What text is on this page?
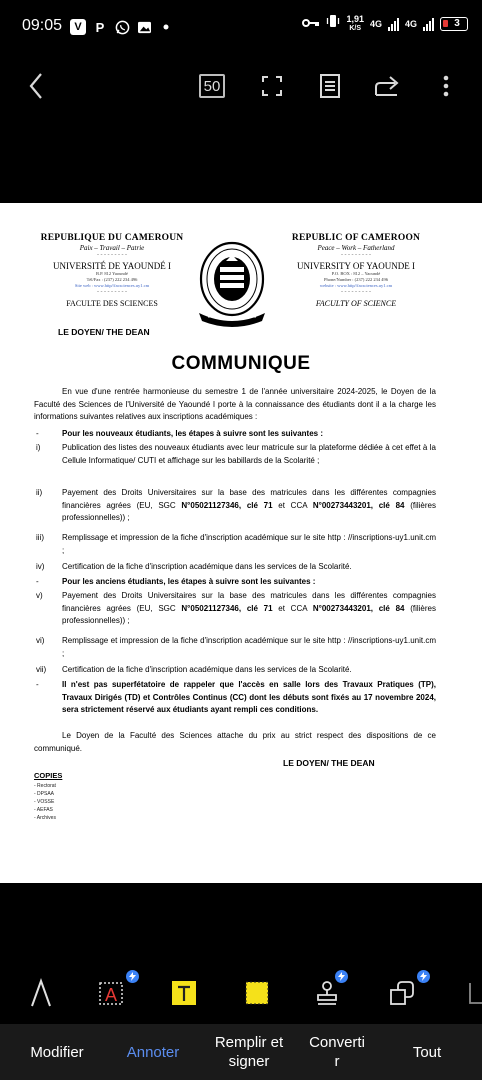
09:05	V	P
1,91
K/S 4G	4G	3
50
REPUBLIQUE DU CAMEROUN
Paix – Travail – Patrie
- - - - - - - - -
UNIVERSITÉ DE YAOUNDÉ I
B.P. 812 Yaoundé
Tél/Fax : (237) 222 234 496
Site web : www.http//facsciences.uy1.cm
- - - - - - - - -
FACULTE DES SCIENCES
REPUBLIC OF CAMEROON
Peace – Work – Fatherland
- - - - - - - - -
UNIVERSITY OF YAOUNDE I
P.O. BOX : 812 – Yaoundé
Phone/Number : (237) 222 234 496
website : www.http//facsciences.uy1.cm
- - - - - - - - -
FACULTY OF SCIENCE
LE DOYEN/ THE DEAN
COMMUNIQUE
En vue d'une rentrée harmonieuse du semestre 1 de l'année universitaire 2024-2025, le Doyen de la Faculté des Sciences de l'Université de Yaoundé I porte à la connaissance des étudiants dont il a la charge les informations suivantes relatives aux inscriptions académiques :
-	Pour les nouveaux étudiants, les étapes à suivre sont les suivantes :
i)	Publication des listes des nouveaux étudiants avec leur matricule sur la plateforme dédiée à cet effet à la Cellule Informatique/ CUTI et affichage sur les babillards de la Scolarité ;
ii)	Payement des Droits Universitaires sur la base des matricules dans les différentes compagnies financières agrées (EU, SGC N°05021127346, clé 71 et CCA N°00273443201, clé 84 (filières professionnelles)) ;
iii)	Remplissage et impression de la fiche d'inscription académique sur le site http : //inscriptions-uy1.unit.cm ;
iv)	Certification de la fiche d'inscription académique dans les services de la Scolarité.
-	Pour les anciens étudiants, les étapes à suivre sont les suivantes :
v)	Payement des Droits Universitaires sur la base des matricules dans les différentes compagnies financières agrées (EU, SGC N°05021127346, clé 71 et CCA N°00273443201, clé 84 (filières professionnelles)) ;
vi)	Remplissage et impression de la fiche d'inscription académique sur le site http : //inscriptions-uy1.unit.cm ;
vii)	Certification de la fiche d'inscription académique dans les services de la Scolarité.
-	Il n'est pas superfétatoire de rappeler que l'accès en salle lors des Travaux Pratiques (TP), Travaux Dirigés (TD) et Contrôles Continus (CC) dont les débuts sont fixés au 17 novembre 2024, sera strictement réservé aux étudiants ayant rempli ces conditions.
Le Doyen de la Faculté des Sciences attache du prix au strict respect des dispositions de ce communiqué.
LE DOYEN/ THE DEAN
COPIES
- Rectorat
- DPSAA
- VOSSE
- AEFAS
- Archives
A
Modifier	Annoter
Remplir et
signer
Converti
r
Tout
